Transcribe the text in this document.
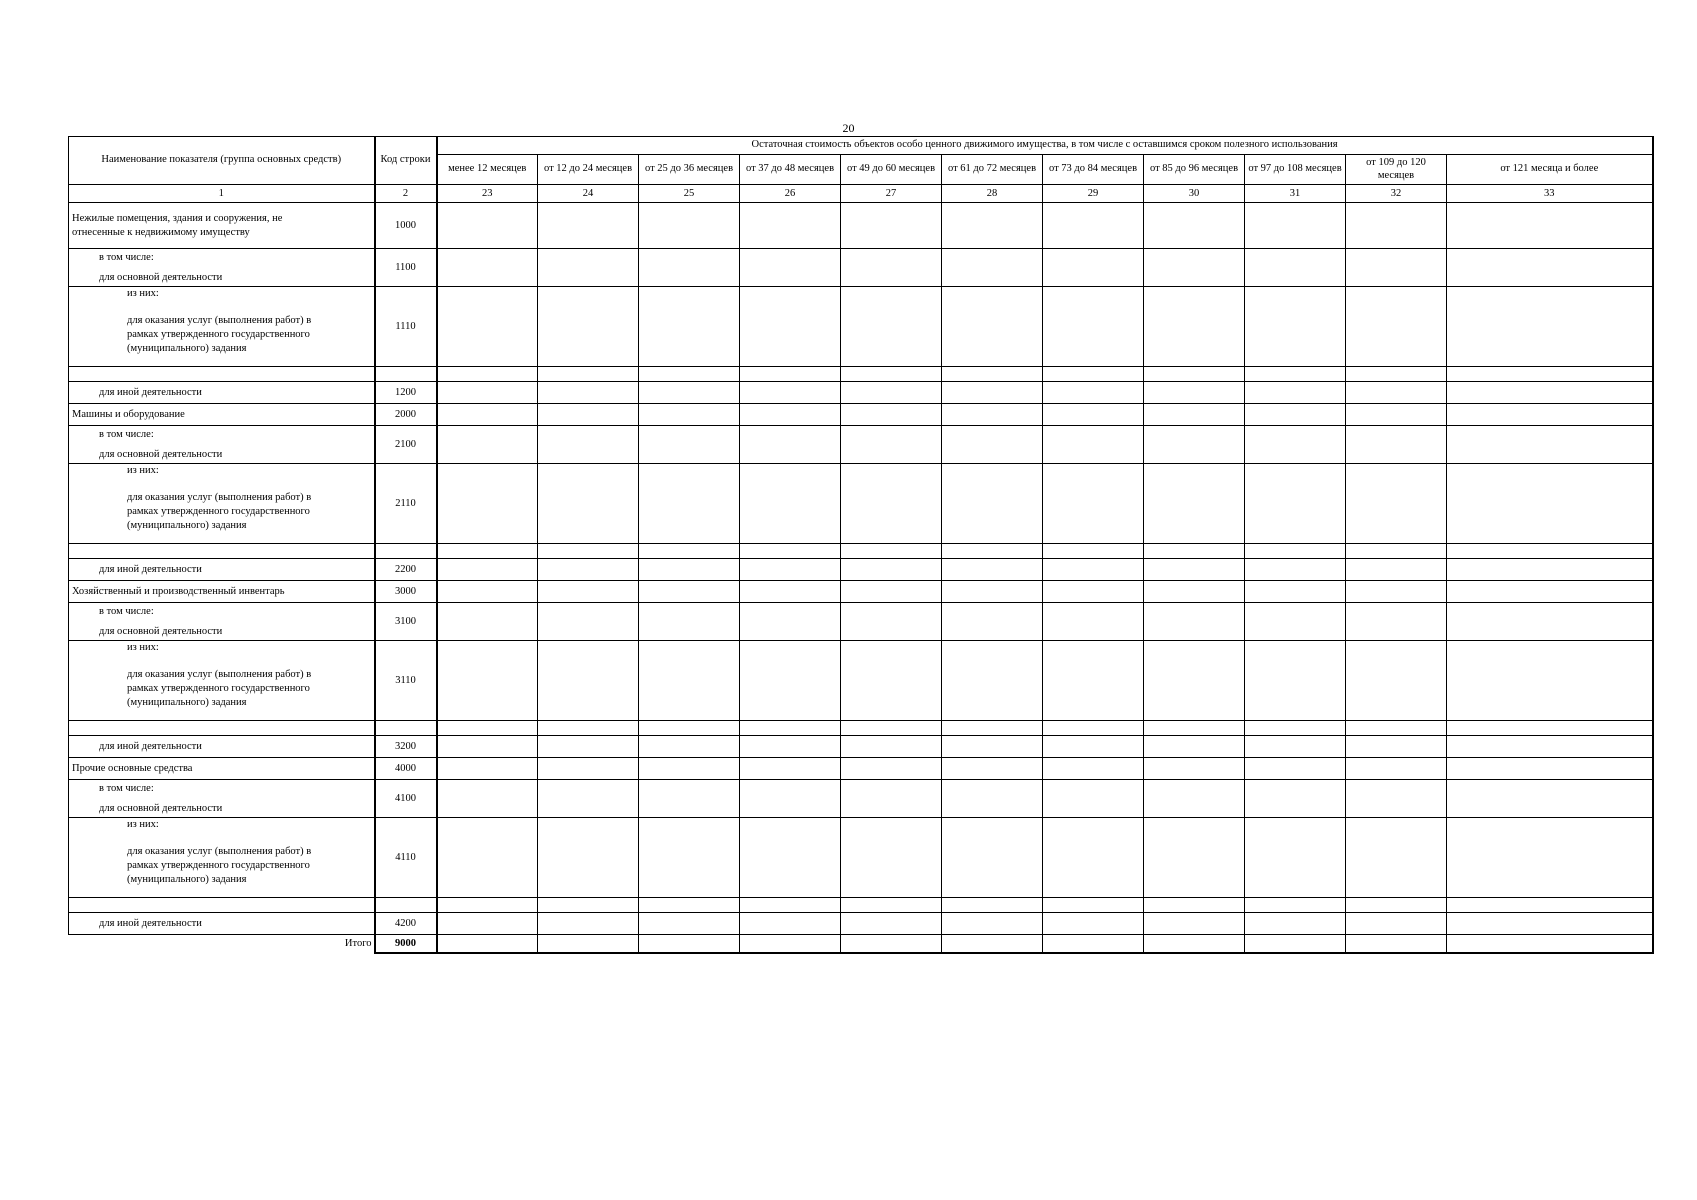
20
Наименование показателя (группа основных средств)	Код строки	Остаточная стоимость объектов особо ценного движимого имущества, в том числе с оставшимся сроком полезного использования										
		менее 12 месяцев	от 12 до 24 месяцев	от 25 до 36 месяцев	от 37 до 48 месяцев	от 49 до 60 месяцев	от 61 до 72 месяцев	от 73 до 84 месяцев	от 85 до 96 месяцев	от 97 до 108 месяцев	от 109 до 120 месяцев	от 121 месяца и более
1	2	23	24	25	26	27	28	29	30	31	32	33

Нежилые помещения, здания и сооружения, не
отнесенные к недвижимому имуществу	1000											

в том числе:
для основной деятельности	1100											

из них:

для оказания услуг (выполнения работ) в
рамках утвержденного государственного
(муниципального) задания	1110											

для иной деятельности	1200											

Машины и оборудование	2000											

в том числе:
для основной деятельности	2100											

из них:

для оказания услуг (выполнения работ) в
рамках утвержденного государственного
(муниципального) задания	2110											

для иной деятельности	2200											

Хозяйственный и производственный инвентарь	3000											

в том числе:
для основной деятельности	3100											

из них:

для оказания услуг (выполнения работ) в
рамках утвержденного государственного
(муниципального) задания	3110											

для иной деятельности	3200											

Прочие основные средства	4000											

в том числе:
для основной деятельности	4100											

из них:

для оказания услуг (выполнения работ) в
рамках утвержденного государственного
(муниципального) задания	4110											

для иной деятельности	4200											
Итого	9000											
